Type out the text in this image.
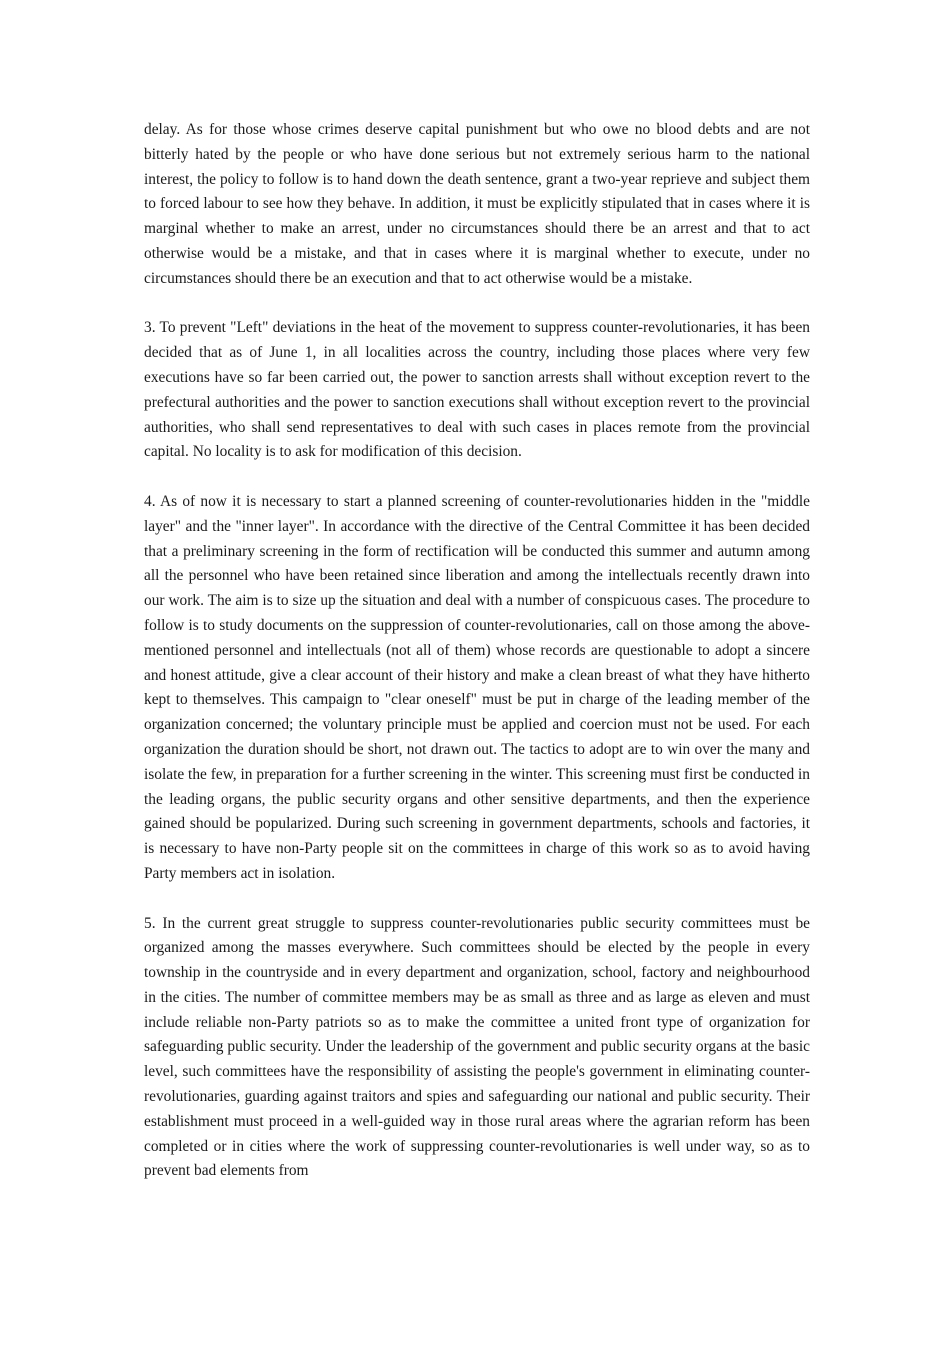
delay. As for those whose crimes deserve capital punishment but who owe no blood debts and are not bitterly hated by the people or who have done serious but not extremely serious harm to the national interest, the policy to follow is to hand down the death sentence, grant a two-year reprieve and subject them to forced labour to see how they behave. In addition, it must be explicitly stipulated that in cases where it is marginal whether to make an arrest, under no circumstances should there be an arrest and that to act otherwise would be a mistake, and that in cases where it is marginal whether to execute, under no circumstances should there be an execution and that to act otherwise would be a mistake.

3. To prevent "Left" deviations in the heat of the movement to suppress counter-revolutionaries, it has been decided that as of June 1, in all localities across the country, including those places where very few executions have so far been carried out, the power to sanction arrests shall without exception revert to the prefectural authorities and the power to sanction executions shall without exception revert to the provincial authorities, who shall send representatives to deal with such cases in places remote from the provincial capital. No locality is to ask for modification of this decision.

4. As of now it is necessary to start a planned screening of counter-revolutionaries hidden in the "middle layer" and the "inner layer". In accordance with the directive of the Central Committee it has been decided that a preliminary screening in the form of rectification will be conducted this summer and autumn among all the personnel who have been retained since liberation and among the intellectuals recently drawn into our work. The aim is to size up the situation and deal with a number of conspicuous cases. The procedure to follow is to study documents on the suppression of counter-revolutionaries, call on those among the above-mentioned personnel and intellectuals (not all of them) whose records are questionable to adopt a sincere and honest attitude, give a clear account of their history and make a clean breast of what they have hitherto kept to themselves. This campaign to "clear oneself" must be put in charge of the leading member of the organization concerned; the voluntary principle must be applied and coercion must not be used. For each organization the duration should be short, not drawn out. The tactics to adopt are to win over the many and isolate the few, in preparation for a further screening in the winter. This screening must first be conducted in the leading organs, the public security organs and other sensitive departments, and then the experience gained should be popularized. During such screening in government departments, schools and factories, it is necessary to have non-Party people sit on the committees in charge of this work so as to avoid having Party members act in isolation.

5. In the current great struggle to suppress counter-revolutionaries public security committees must be organized among the masses everywhere. Such committees should be elected by the people in every township in the countryside and in every department and organization, school, factory and neighbourhood in the cities. The number of committee members may be as small as three and as large as eleven and must include reliable non-Party patriots so as to make the committee a united front type of organization for safeguarding public security. Under the leadership of the government and public security organs at the basic level, such committees have the responsibility of assisting the people's government in eliminating counter-revolutionaries, guarding against traitors and spies and safeguarding our national and public security. Their establishment must proceed in a well-guided way in those rural areas where the agrarian reform has been completed or in cities where the work of suppressing counter-revolutionaries is well under way, so as to prevent bad elements from
